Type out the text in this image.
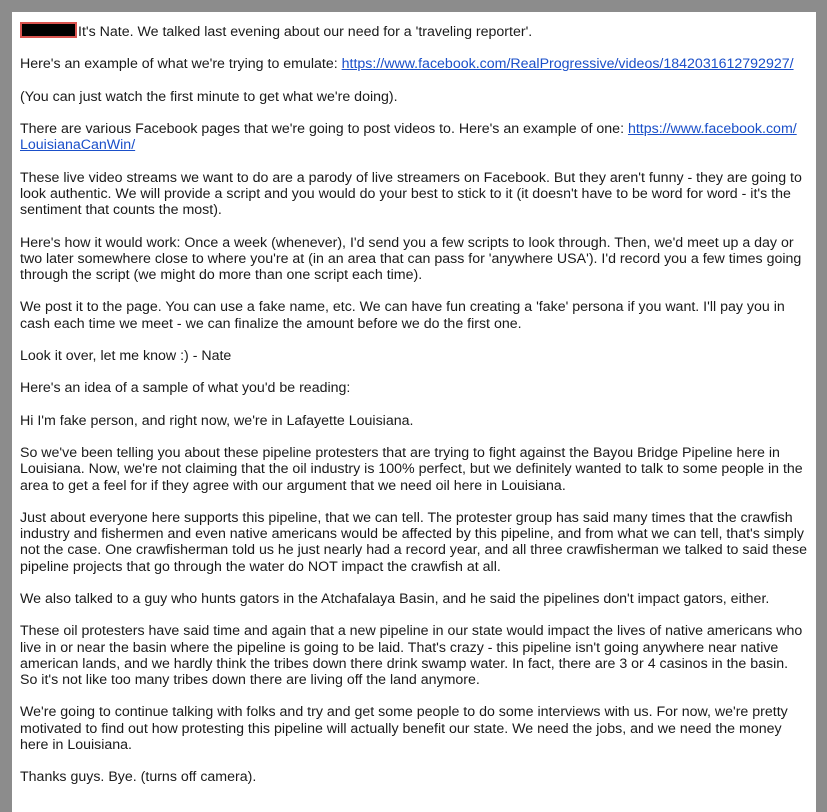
It's Nate. We talked last evening about our need for a 'traveling reporter'.

Here's an example of what we're trying to emulate: https://www.facebook.com/RealProgressive/videos/1842031612792927/

(You can just watch the first minute to get what we're doing).

There are various Facebook pages that we're going to post videos to. Here's an example of one: https://www.facebook.com/
LouisianaCanWin/

These live video streams we want to do are a parody of live streamers on Facebook. But they aren't funny - they are going to look authentic. We will provide a script and you would do your best to stick to it (it doesn't have to be word for word - it's the sentiment that counts the most).

Here's how it would work: Once a week (whenever), I'd send you a few scripts to look through. Then, we'd meet up a day or two later somewhere close to where you're at (in an area that can pass for 'anywhere USA'). I'd record you a few times going through the script (we might do more than one script each time).

We post it to the page. You can use a fake name, etc. We can have fun creating a 'fake' persona if you want. I'll pay you in cash each time we meet - we can finalize the amount before we do the first one.

Look it over, let me know :) - Nate

Here's an idea of a sample of what you'd be reading:

Hi I'm fake person, and right now, we're in Lafayette Louisiana.

So we've been telling you about these pipeline protesters that are trying to fight against the Bayou Bridge Pipeline here in Louisiana. Now, we're not claiming that the oil industry is 100% perfect, but we definitely wanted to talk to some people in the area to get a feel for if they agree with our argument that we need oil here in Louisiana.

Just about everyone here supports this pipeline, that we can tell. The protester group has said many times that the crawfish industry and fishermen and even native americans would be affected by this pipeline, and from what we can tell, that's simply not the case. One crawfisherman told us he just nearly had a record year, and all three crawfisherman we talked to said these pipeline projects that go through the water do NOT impact the crawfish at all.

We also talked to a guy who hunts gators in the Atchafalaya Basin, and he said the pipelines don't impact gators, either.

These oil protesters have said time and again that a new pipeline in our state would impact the lives of native americans who live in or near the basin where the pipeline is going to be laid. That's crazy - this pipeline isn't going anywhere near native american lands, and we hardly think the tribes down there drink swamp water. In fact, there are 3 or 4 casinos in the basin. So it's not like too many tribes down there are living off the land anymore.

We're going to continue talking with folks and try and get some people to do some interviews with us. For now, we're pretty motivated to find out how protesting this pipeline will actually benefit our state. We need the jobs, and we need the money here in Louisiana.

Thanks guys. Bye. (turns off camera).
